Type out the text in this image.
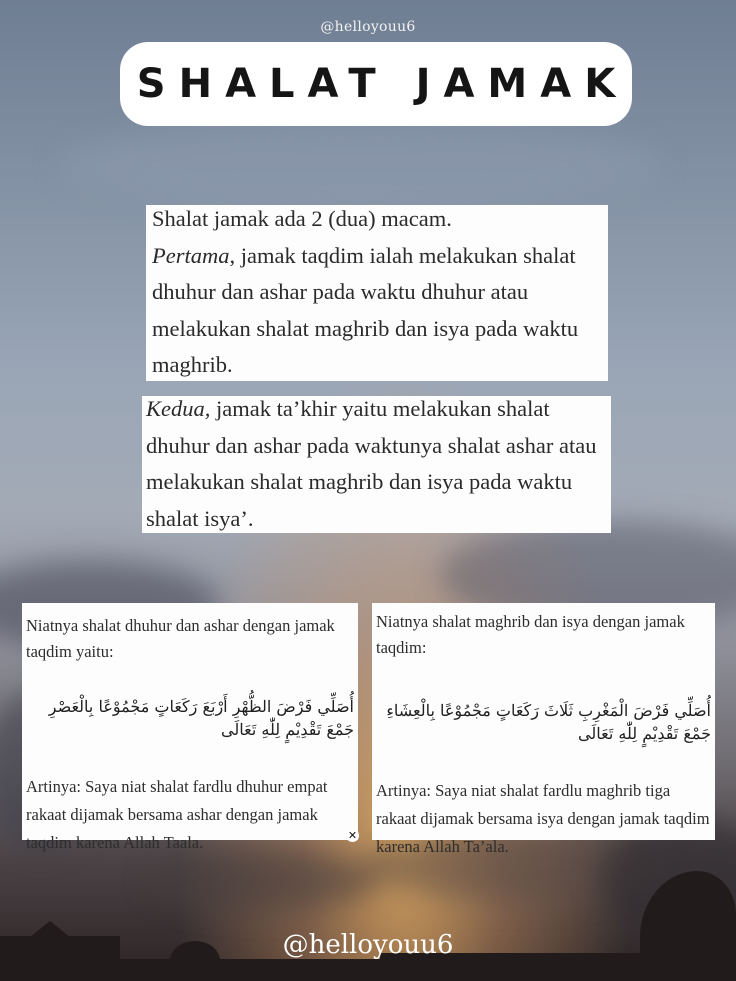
@helloyouu6
SHALAT JAMAK

Shalat jamak ada 2 (dua) macam.
Pertama, jamak taqdim ialah melakukan shalat dhuhur dan ashar pada waktu dhuhur atau melakukan shalat maghrib dan isya pada waktu maghrib.

Kedua, jamak ta’khir yaitu melakukan shalat dhuhur dan ashar pada waktunya shalat ashar atau melakukan shalat maghrib dan isya pada waktu shalat isya’.

Niatnya shalat dhuhur dan ashar dengan jamak taqdim yaitu:

أُصَلِّي فَرْضَ الظُّهْرِ أَرْبَعَ رَكَعَاتٍ مَجْمُوْعًا بِالْعَصْرِ جَمْعَ تَقْدِيْمٍ لِلّٰهِ تَعَالَى

Artinya: Saya niat shalat fardlu dhuhur empat rakaat dijamak bersama ashar dengan jamak taqdim karena Allah Taala.

Niatnya shalat maghrib dan isya dengan jamak taqdim:

أُصَلِّي فَرْضَ الْمَغْرِبِ ثَلَاثَ رَكَعَاتٍ مَجْمُوْعًا بِالْعِشَاءِ جَمْعَ تَقْدِيْمٍ لِلّٰهِ تَعَالَى

Artinya: Saya niat shalat fardlu maghrib tiga rakaat dijamak bersama isya dengan jamak taqdim karena Allah Ta’ala.

✕
@helloyouu6
